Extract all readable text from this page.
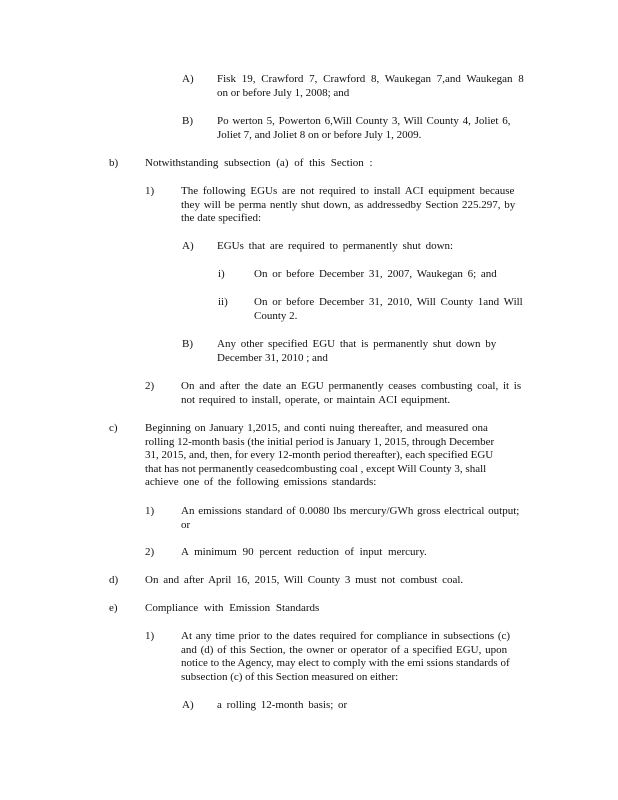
A) Fisk 19, Crawford 7, Crawford 8, Waukegan 7,and Waukegan 8
on or before July 1, 2008; and
B) Po werton 5, Powerton 6,Will County 3, Will County 4, Joliet 6,
Joliet 7, and Joliet 8 on or before July 1, 2009.
b) Notwithstanding subsection (a) of this Section :
1) The following EGUs are not required to install ACI equipment because
they will be perma nently shut down, as addressedby Section 225.297, by
the date specified:
A) EGUs that are required to permanently shut down:
i)	On or before December 31, 2007, Waukegan 6; and
ii) On or before December 31, 2010, Will County 1and Will
County 2.
B) Any other specified EGU that is permanently shut down by
December 31, 2010 ; and
2) On and after the date an EGU permanently ceases combusting coal, it is
not required to install, operate, or maintain ACI equipment.
c) Beginning on January 1,2015, and conti nuing thereafter, and measured ona
rolling 12-month basis (the initial period is January 1, 2015, through December
31, 2015, and, then, for every 12-month period thereafter), each specified EGU
that has not permanently ceasedcombusting coal , except Will County 3, shall
achieve one of the following emissions standards:
1) An emissions standard of 0.0080 lbs mercury/GWh gross electrical output;
or
2) A minimum 90 percent reduction of input mercury.
d) On and after April 16, 2015, Will County 3 must not combust coal.
e) Compliance with Emission Standards
1) At any time prior to the dates required for compliance in subsections (c)
and (d) of this Section, the owner or operator of a specified EGU, upon
notice to the Agency, may elect to comply with the emi ssions standards of
subsection (c) of this Section measured on either:
A) a rolling 12-month basis; or
